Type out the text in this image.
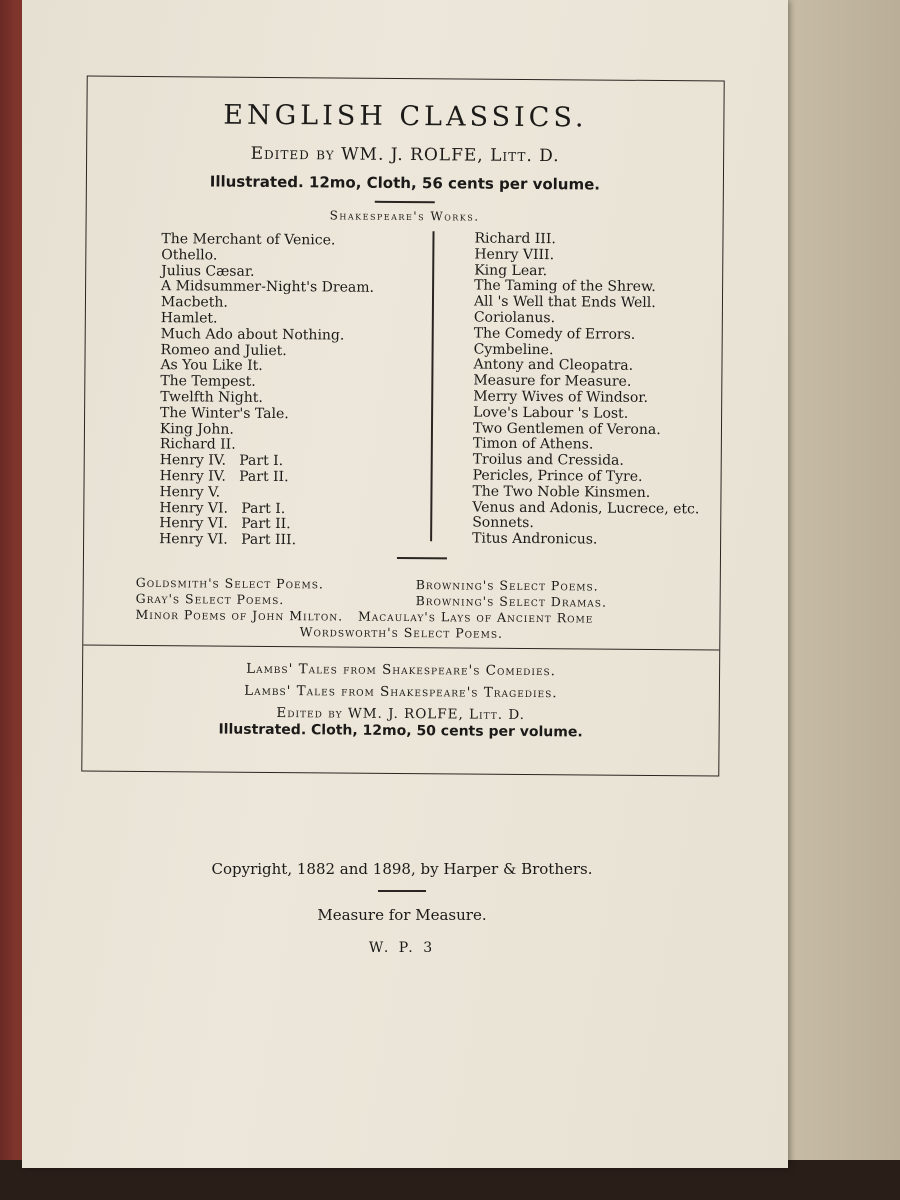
ENGLISH CLASSICS.
Edited by WM. J. ROLFE, Litt. D.
Illustrated. 12mo, Cloth, 56 cents per volume.
Shakespeare's Works.
The Merchant of Venice.
Othello.
Julius Cæsar.
A Midsummer-Night's Dream.
Macbeth.
Hamlet.
Much Ado about Nothing.
Romeo and Juliet.
As You Like It.
The Tempest.
Twelfth Night.
The Winter's Tale.
King John.
Richard II.
Henry IV.   Part I.
Henry IV.   Part II.
Henry V.
Henry VI.   Part I.
Henry VI.   Part II.
Henry VI.   Part III.
Richard III.
Henry VIII.
King Lear.
The Taming of the Shrew.
All 's Well that Ends Well.
Coriolanus.
The Comedy of Errors.
Cymbeline.
Antony and Cleopatra.
Measure for Measure.
Merry Wives of Windsor.
Love's Labour 's Lost.
Two Gentlemen of Verona.
Timon of Athens.
Troilus and Cressida.
Pericles, Prince of Tyre.
The Two Noble Kinsmen.
Venus and Adonis, Lucrece, etc.
Sonnets.
Titus Andronicus.
Goldsmith's Select Poems.
Gray's Select Poems.
Browning's Select Poems.
Browning's Select Dramas.
Minor Poems of John Milton.   Macaulay's Lays of Ancient Rome
Wordsworth's Select Poems.
Lambs' Tales from Shakespeare's Comedies.
Lambs' Tales from Shakespeare's Tragedies.
Edited by WM. J. ROLFE, Litt. D.
Illustrated. Cloth, 12mo, 50 cents per volume.
Copyright, 1882 and 1898, by Harper & Brothers.
Measure for Measure.
W. P. 3
